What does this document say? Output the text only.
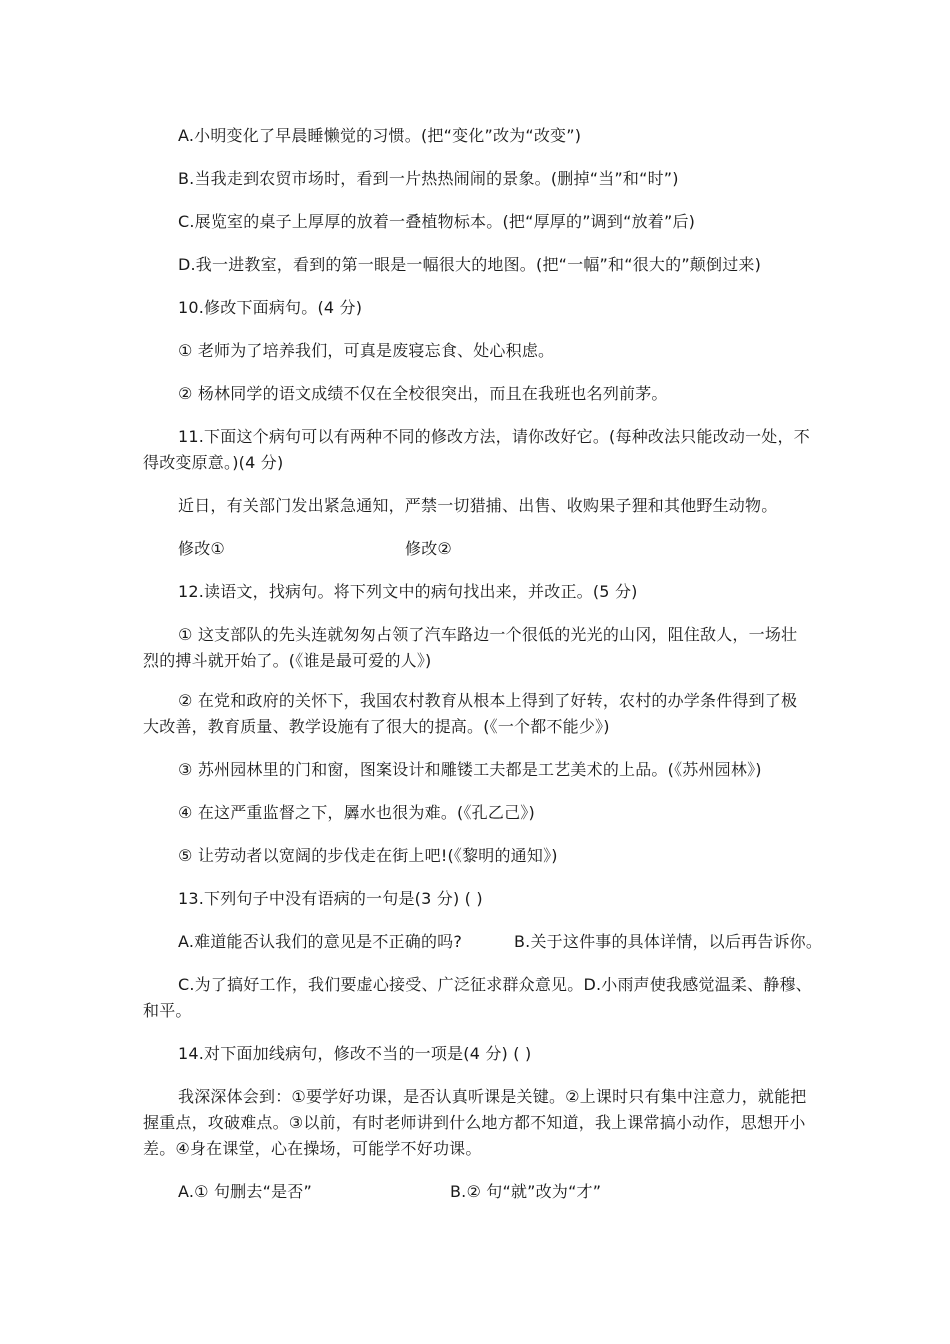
A.小明变化了早晨睡懒觉的习惯。(把“变化”改为“改变”)
B.当我走到农贸市场时，看到一片热热闹闹的景象。(删掉“当”和“时”)
C.展览室的桌子上厚厚的放着一叠植物标本。(把“厚厚的”调到“放着”后)
D.我一进教室，看到的第一眼是一幅很大的地图。(把“一幅”和“很大的”颠倒过来)
10.修改下面病句。(4 分)
① 老师为了培养我们，可真是废寝忘食、处心积虑。
② 杨林同学的语文成绩不仅在全校很突出，而且在我班也名列前茅。
11.下面这个病句可以有两种不同的修改方法，请你改好它。(每种改法只能改动一处，不
得改变原意。)(4 分)
近日，有关部门发出紧急通知，严禁一切猎捕、出售、收购果子狸和其他野生动物。
修改①	修改②
12.读语文，找病句。将下列文中的病句找出来，并改正。(5 分)
① 这支部队的先头连就匆匆占领了汽车路边一个很低的光光的山冈，阻住敌人，一场壮
烈的搏斗就开始了。(《谁是最可爱的人》)
② 在党和政府的关怀下，我国农村教育从根本上得到了好转，农村的办学条件得到了极
大改善，教育质量、教学设施有了很大的提高。(《一个都不能少》)
③ 苏州园林里的门和窗，图案设计和雕镂工夫都是工艺美术的上品。(《苏州园林》)
④ 在这严重监督之下，羼水也很为难。(《孔乙己》)
⑤ 让劳动者以宽阔的步伐走在街上吧!(《黎明的通知》)
13.下列句子中没有语病的一句是(3 分) ( )
A.难道能否认我们的意见是不正确的吗?	B.关于这件事的具体详情，以后再告诉你。
C.为了搞好工作，我们要虚心接受、广泛征求群众意见。D.小雨声使我感觉温柔、静穆、
和平。
14.对下面加线病句，修改不当的一项是(4 分) ( )
我深深体会到：①要学好功课，是否认真听课是关键。②上课时只有集中注意力，就能把
握重点，攻破难点。③以前，有时老师讲到什么地方都不知道，我上课常搞小动作，思想开小
差。④身在课堂，心在操场，可能学不好功课。
A.① 句删去“是否”	B.② 句“就”改为“才”
